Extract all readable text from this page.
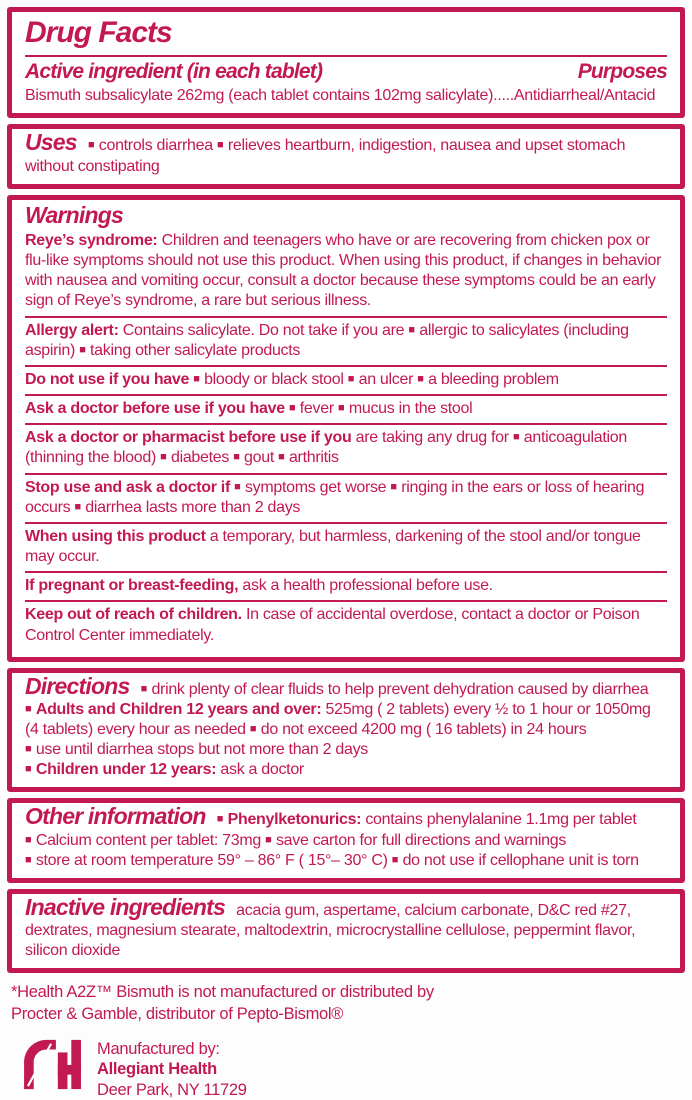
Drug Facts
Active ingredient (in each tablet)	Purposes
Bismuth subsalicylate 262mg (each tablet contains 102mg salicylate).....Antidiarrheal/Antacid

Uses ■ controls diarrhea ■ relieves heartburn, indigestion, nausea and upset stomach without constipating

Warnings
Reye’s syndrome: Children and teenagers who have or are recovering from chicken pox or flu-like symptoms should not use this product. When using this product, if changes in behavior with nausea and vomiting occur, consult a doctor because these symptoms could be an early sign of Reye’s syndrome, a rare but serious illness.
Allergy alert: Contains salicylate. Do not take if you are ■ allergic to salicylates (including aspirin) ■ taking other salicylate products
Do not use if you have ■ bloody or black stool ■ an ulcer ■ a bleeding problem
Ask a doctor before use if you have ■ fever ■ mucus in the stool
Ask a doctor or pharmacist before use if you are taking any drug for ■ anticoagulation (thinning the blood) ■ diabetes ■ gout ■ arthritis
Stop use and ask a doctor if ■ symptoms get worse ■ ringing in the ears or loss of hearing occurs ■ diarrhea lasts more than 2 days
When using this product a temporary, but harmless, darkening of the stool and/or tongue may occur.
If pregnant or breast-feeding, ask a health professional before use.
Keep out of reach of children. In case of accidental overdose, contact a doctor or Poison Control Center immediately.

Directions ■ drink plenty of clear fluids to help prevent dehydration caused by diarrhea
■ Adults and Children 12 years and over: 525mg ( 2 tablets) every ½ to 1 hour or 1050mg (4 tablets) every hour as needed ■ do not exceed 4200 mg ( 16 tablets) in 24 hours
■ use until diarrhea stops but not more than 2 days
■ Children under 12 years: ask a doctor

Other information ■ Phenylketonurics: contains phenylalanine 1.1mg per tablet
■ Calcium content per tablet: 73mg ■ save carton for full directions and warnings
■ store at room temperature 59° – 86° F ( 15°– 30° C) ■ do not use if cellophane unit is torn

Inactive ingredients acacia gum, aspertame, calcium carbonate, D&C red #27, dextrates, magnesium stearate, maltodextrin, microcrystalline cellulose, peppermint flavor, silicon dioxide

*Health A2Z™ Bismuth is not manufactured or distributed by
Procter & Gamble, distributor of Pepto-Bismol®
Manufactured by:
Allegiant Health
Deer Park, NY 11729
